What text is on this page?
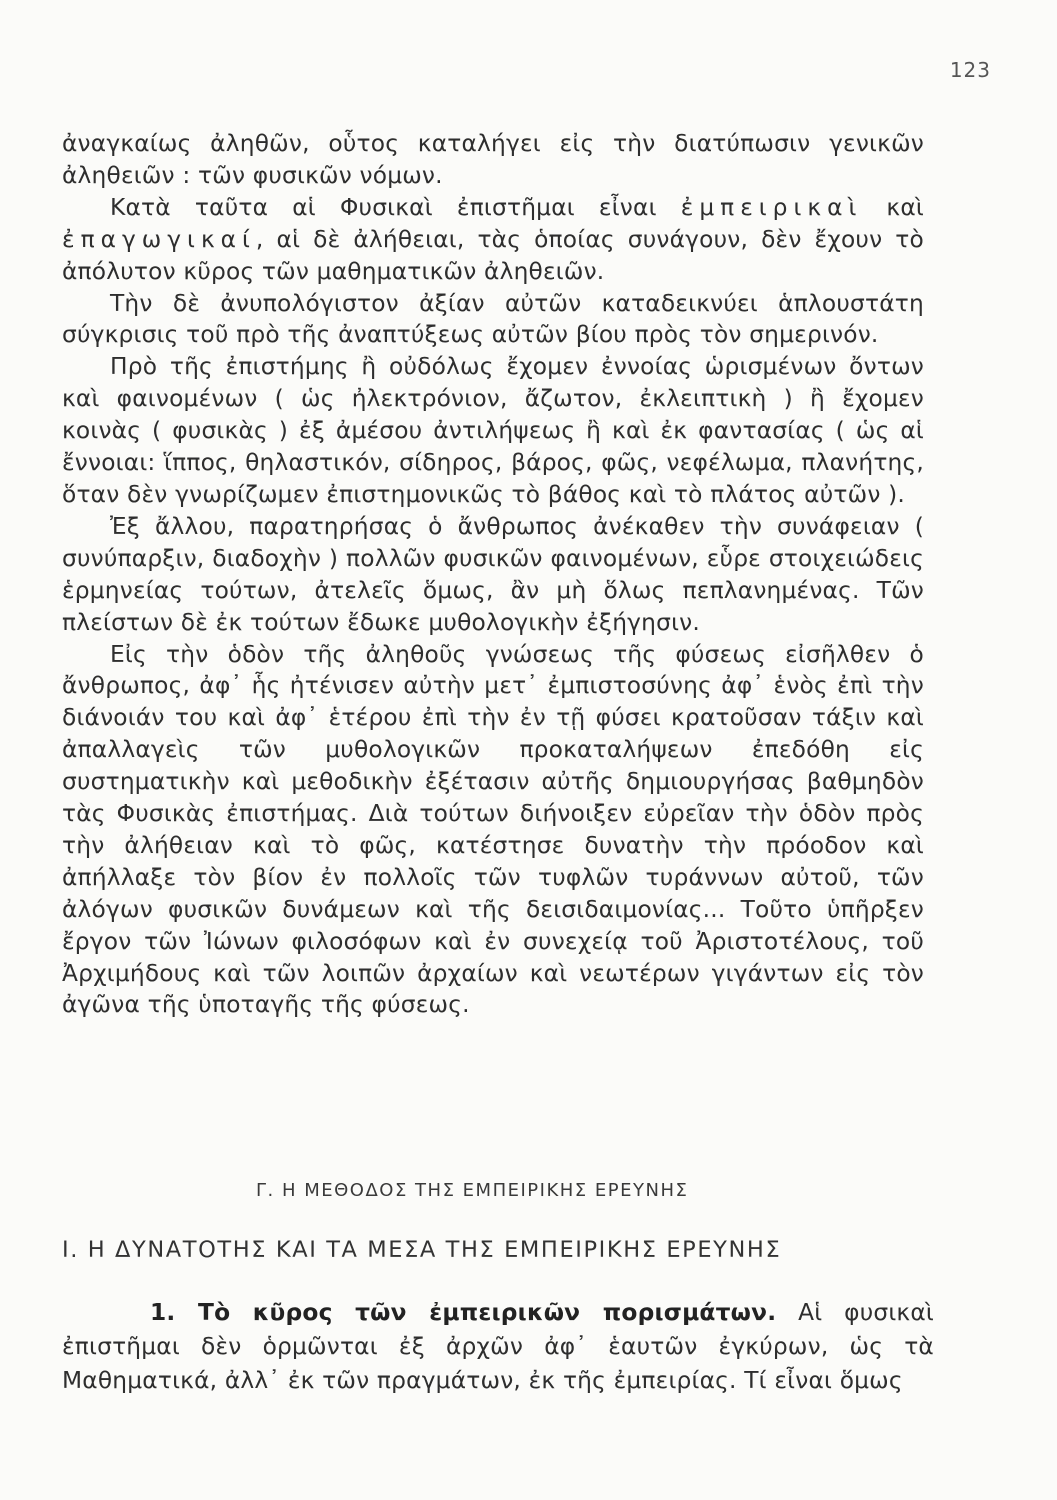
123

ἀναγκαίως ἀληθῶν, οὗτος καταλήγει εἰς τὴν διατύπωσιν γενικῶν ἀληθειῶν : τῶν φυσικῶν νόμων.

Κατὰ ταῦτα αἱ Φυσικαὶ ἐπιστῆμαι εἶναι ἐμπειρικαὶ καὶ ἐπαγωγικαί, αἱ δὲ ἀλήθειαι, τὰς ὁποίας συνάγουν, δὲν ἔχουν τὸ ἀπόλυτον κῦρος τῶν μαθηματικῶν ἀληθειῶν.

Τὴν δὲ ἀνυπολόγιστον ἀξίαν αὐτῶν καταδεικνύει ἁπλουστάτη σύγκρισις τοῦ πρὸ τῆς ἀναπτύξεως αὐτῶν βίου πρὸς τὸν σημερινόν.

Πρὸ τῆς ἐπιστήμης ἢ οὐδόλως ἔχομεν ἐννοίας ὡρισμένων ὄντων καὶ φαινομένων ( ὡς ἠλεκτρόνιον, ἄζωτον, ἐκλειπτικὴ ) ἢ ἔχομεν κοινὰς ( φυσικὰς ) ἐξ ἀμέσου ἀντιλήψεως ἢ καὶ ἐκ φαντασίας ( ὡς αἱ ἔννοιαι: ἵππος, θηλαστικόν, σίδηρος, βάρος, φῶς, νεφέλωμα, πλανήτης, ὅταν δὲν γνωρίζωμεν ἐπιστημονικῶς τὸ βάθος καὶ τὸ πλάτος αὐτῶν ).

Ἐξ ἄλλου, παρατηρήσας ὁ ἄνθρωπος ἀνέκαθεν τὴν συνάφειαν ( συνύπαρξιν, διαδοχὴν ) πολλῶν φυσικῶν φαινομένων, εὗρε στοιχειώδεις ἑρμηνείας τούτων, ἀτελεῖς ὅμως, ἂν μὴ ὅλως πεπλανημένας. Τῶν πλείστων δὲ ἐκ τούτων ἔδωκε μυθολογικὴν ἐξήγησιν.

Εἰς τὴν ὁδὸν τῆς ἀληθοῦς γνώσεως τῆς φύσεως εἰσῆλθεν ὁ ἄνθρωπος, ἀφ᾿ ἧς ἠτένισεν αὐτὴν μετ᾿ ἐμπιστοσύνης ἀφ᾿ ἑνὸς ἐπὶ τὴν διάνοιάν του καὶ ἀφ᾿ ἑτέρου ἐπὶ τὴν ἐν τῇ φύσει κρατοῦσαν τάξιν καὶ ἀπαλλαγεὶς τῶν μυθολογικῶν προκαταλήψεων ἐπεδόθη εἰς συστηματικὴν καὶ μεθοδικὴν ἐξέτασιν αὐτῆς δημιουργήσας βαθμηδὸν τὰς Φυσικὰς ἐπιστήμας. Διὰ τούτων διήνοιξεν εὐρεῖαν τὴν ὁδὸν πρὸς τὴν ἀλήθειαν καὶ τὸ φῶς, κατέστησε δυνατὴν τὴν πρόοδον καὶ ἀπήλλαξε τὸν βίον ἐν πολλοῖς τῶν τυφλῶν τυράννων αὐτοῦ, τῶν ἀλόγων φυσικῶν δυνάμεων καὶ τῆς δεισιδαιμονίας... Τοῦτο ὑπῆρξεν ἔργον τῶν Ἰώνων φιλοσόφων καὶ ἐν συνεχείᾳ τοῦ Ἀριστοτέλους, τοῦ Ἀρχιμήδους καὶ τῶν λοιπῶν ἀρχαίων καὶ νεωτέρων γιγάντων εἰς τὸν ἀγῶνα τῆς ὑποταγῆς τῆς φύσεως.

Γ. Η ΜΕΘΟΔΟΣ ΤΗΣ ΕΜΠΕΙΡΙΚΗΣ ΕΡΕΥΝΗΣ
Ι. Η ΔΥΝΑΤΟΤΗΣ ΚΑΙ ΤΑ ΜΕΣΑ ΤΗΣ ΕΜΠΕΙΡΙΚΗΣ ΕΡΕΥΝΗΣ

1. Τὸ κῦρος τῶν ἐμπειρικῶν πορισμάτων. Αἱ φυσικαὶ ἐπιστῆμαι δὲν ὁρμῶνται ἐξ ἀρχῶν ἀφ᾿ ἑαυτῶν ἐγκύρων, ὡς τὰ Μαθηματικά, ἀλλ᾿ ἐκ τῶν πραγμάτων, ἐκ τῆς ἐμπειρίας. Τί εἶναι ὅμως
